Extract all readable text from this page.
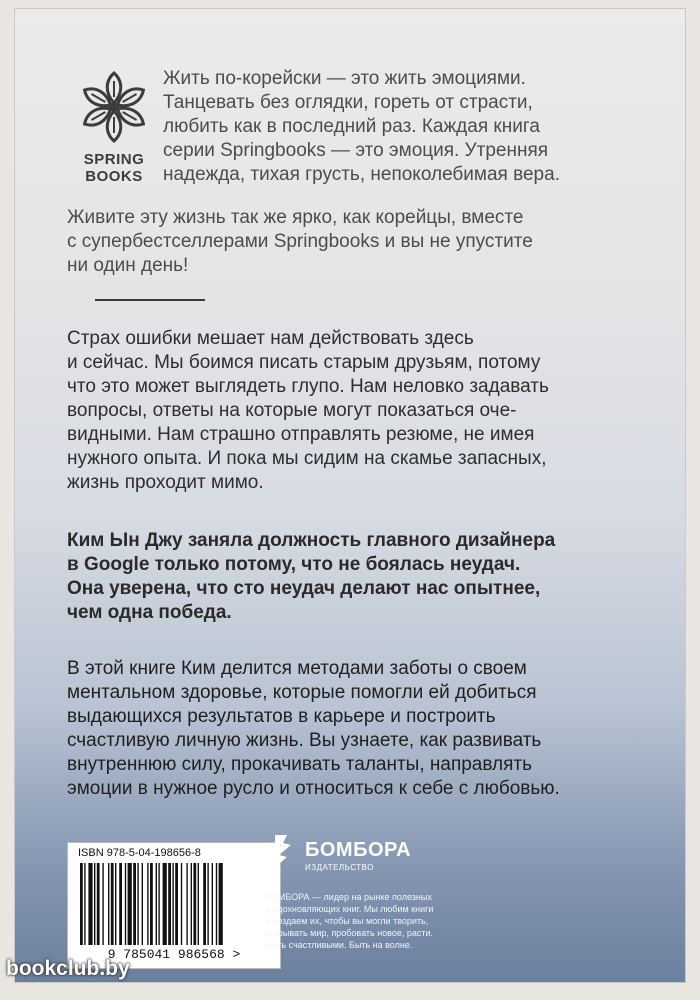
SPRING
BOOKS
Жить по-корейски — это жить эмоциями.
Танцевать без оглядки, гореть от страсти,
любить как в последний раз. Каждая книга
серии Springbooks — это эмоция. Утренняя
надежда, тихая грусть, непоколебимая вера.
Живите эту жизнь так же ярко, как корейцы, вместе
с супербестселлерами Springbooks и вы не упустите
ни один день!
Страх ошибки мешает нам действовать здесь
и сейчас. Мы боимся писать старым друзьям, потому
что это может выглядеть глупо. Нам неловко задавать
вопросы, ответы на которые могут показаться оче-
видными. Нам страшно отправлять резюме, не имея
нужного опыта. И пока мы сидим на скамье запасных,
жизнь проходит мимо.
Ким Ын Джу заняла должность главного дизайнера
в Google только потому, что не боялась неудач.
Она уверена, что сто неудач делают нас опытнее,
чем одна победа.
В этой книге Ким делится методами заботы о своем
ментальном здоровье, которые помогли ей добиться
выдающихся результатов в карьере и построить
счастливую личную жизнь. Вы узнаете, как развивать
внутреннюю силу, прокачивать таланты, направлять
эмоции в нужное русло и относиться к себе с любовью.
ISBN 978-5-04-198656-8
9 785041 986568 >
БОМБОРА
ИЗДАТЕЛЬСТВО
БОМБОРА — лидер на рынке полезных
и вдохновляющих книг. Мы любим книги
и создаем их, чтобы вы могли творить,
открывать мир, пробовать новое, расти.
Быть счастливыми. Быть на волне.
bookclub.by
